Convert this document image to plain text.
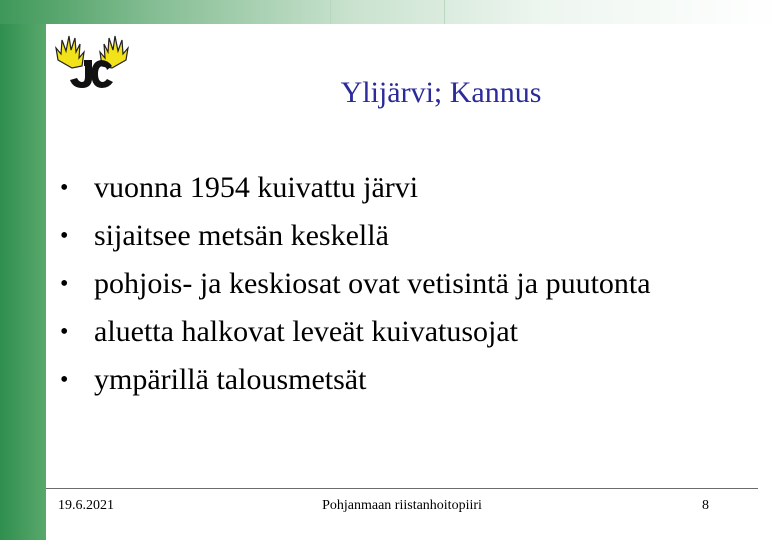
Ylijärvi; Kannus
• vuonna 1954 kuivattu järvi
• sijaitsee metsän keskellä
• pohjois- ja keskiosat ovat vetisintä ja puutonta
• aluetta halkovat leveät kuivatusojat
• ympärillä talousmetsät
19.6.2021	Pohjanmaan riistanhoitopiiri	8
